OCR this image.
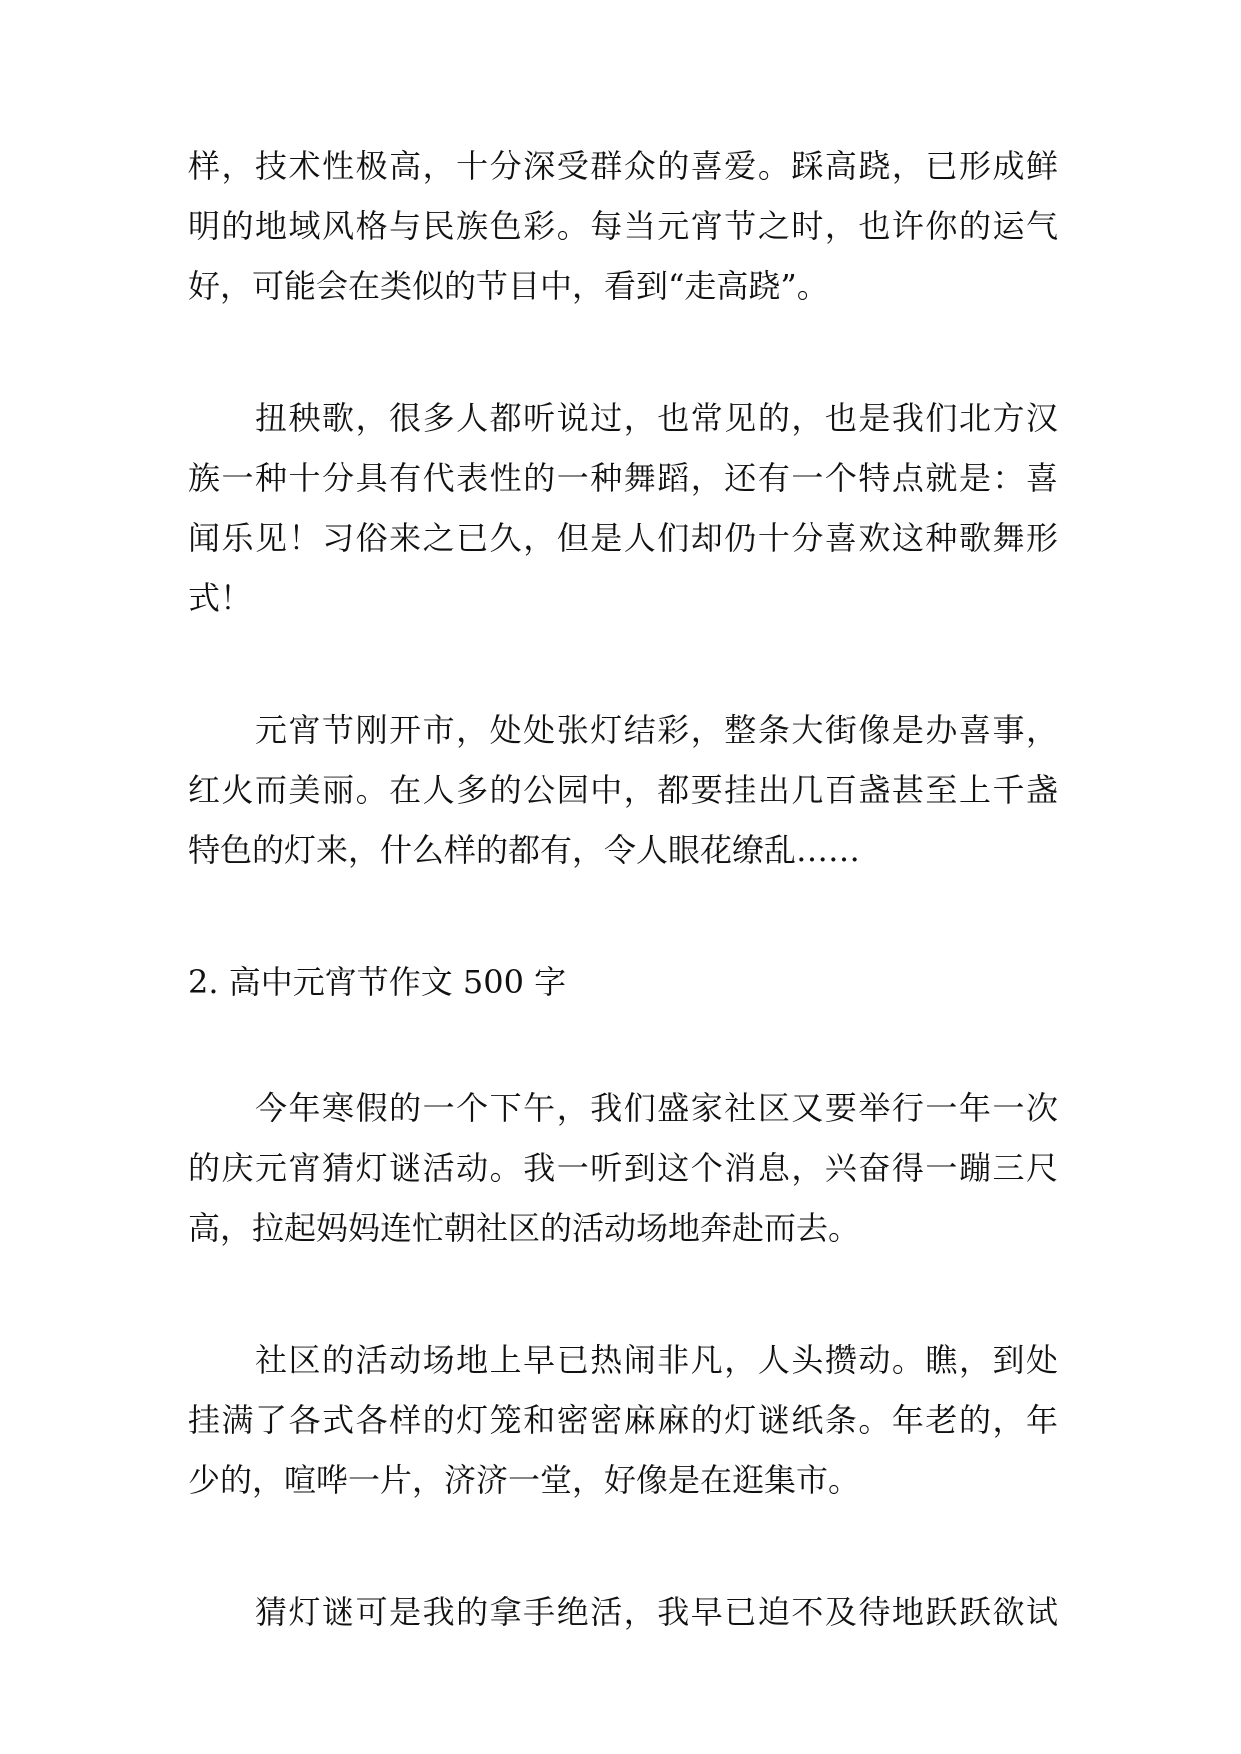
样，技术性极高，十分深受群众的喜爱。踩高跷，已形成鲜
明的地域风格与民族色彩。每当元宵节之时，也许你的运气
好，可能会在类似的节目中，看到“走高跷”。
扭秧歌，很多人都听说过，也常见的，也是我们北方汉
族一种十分具有代表性的一种舞蹈，还有一个特点就是：喜
闻乐见！习俗来之已久，但是人们却仍十分喜欢这种歌舞形
式！
元宵节刚开市，处处张灯结彩，整条大街像是办喜事，
红火而美丽。在人多的公园中，都要挂出几百盏甚至上千盏
特色的灯来，什么样的都有，令人眼花缭乱……
2. 高中元宵节作文 500 字
今年寒假的一个下午，我们盛家社区又要举行一年一次
的庆元宵猜灯谜活动。我一听到这个消息，兴奋得一蹦三尺
高，拉起妈妈连忙朝社区的活动场地奔赴而去。
社区的活动场地上早已热闹非凡，人头攒动。瞧，到处
挂满了各式各样的灯笼和密密麻麻的灯谜纸条。年老的，年
少的，喧哗一片，济济一堂，好像是在逛集市。
猜灯谜可是我的拿手绝活，我早已迫不及待地跃跃欲试
